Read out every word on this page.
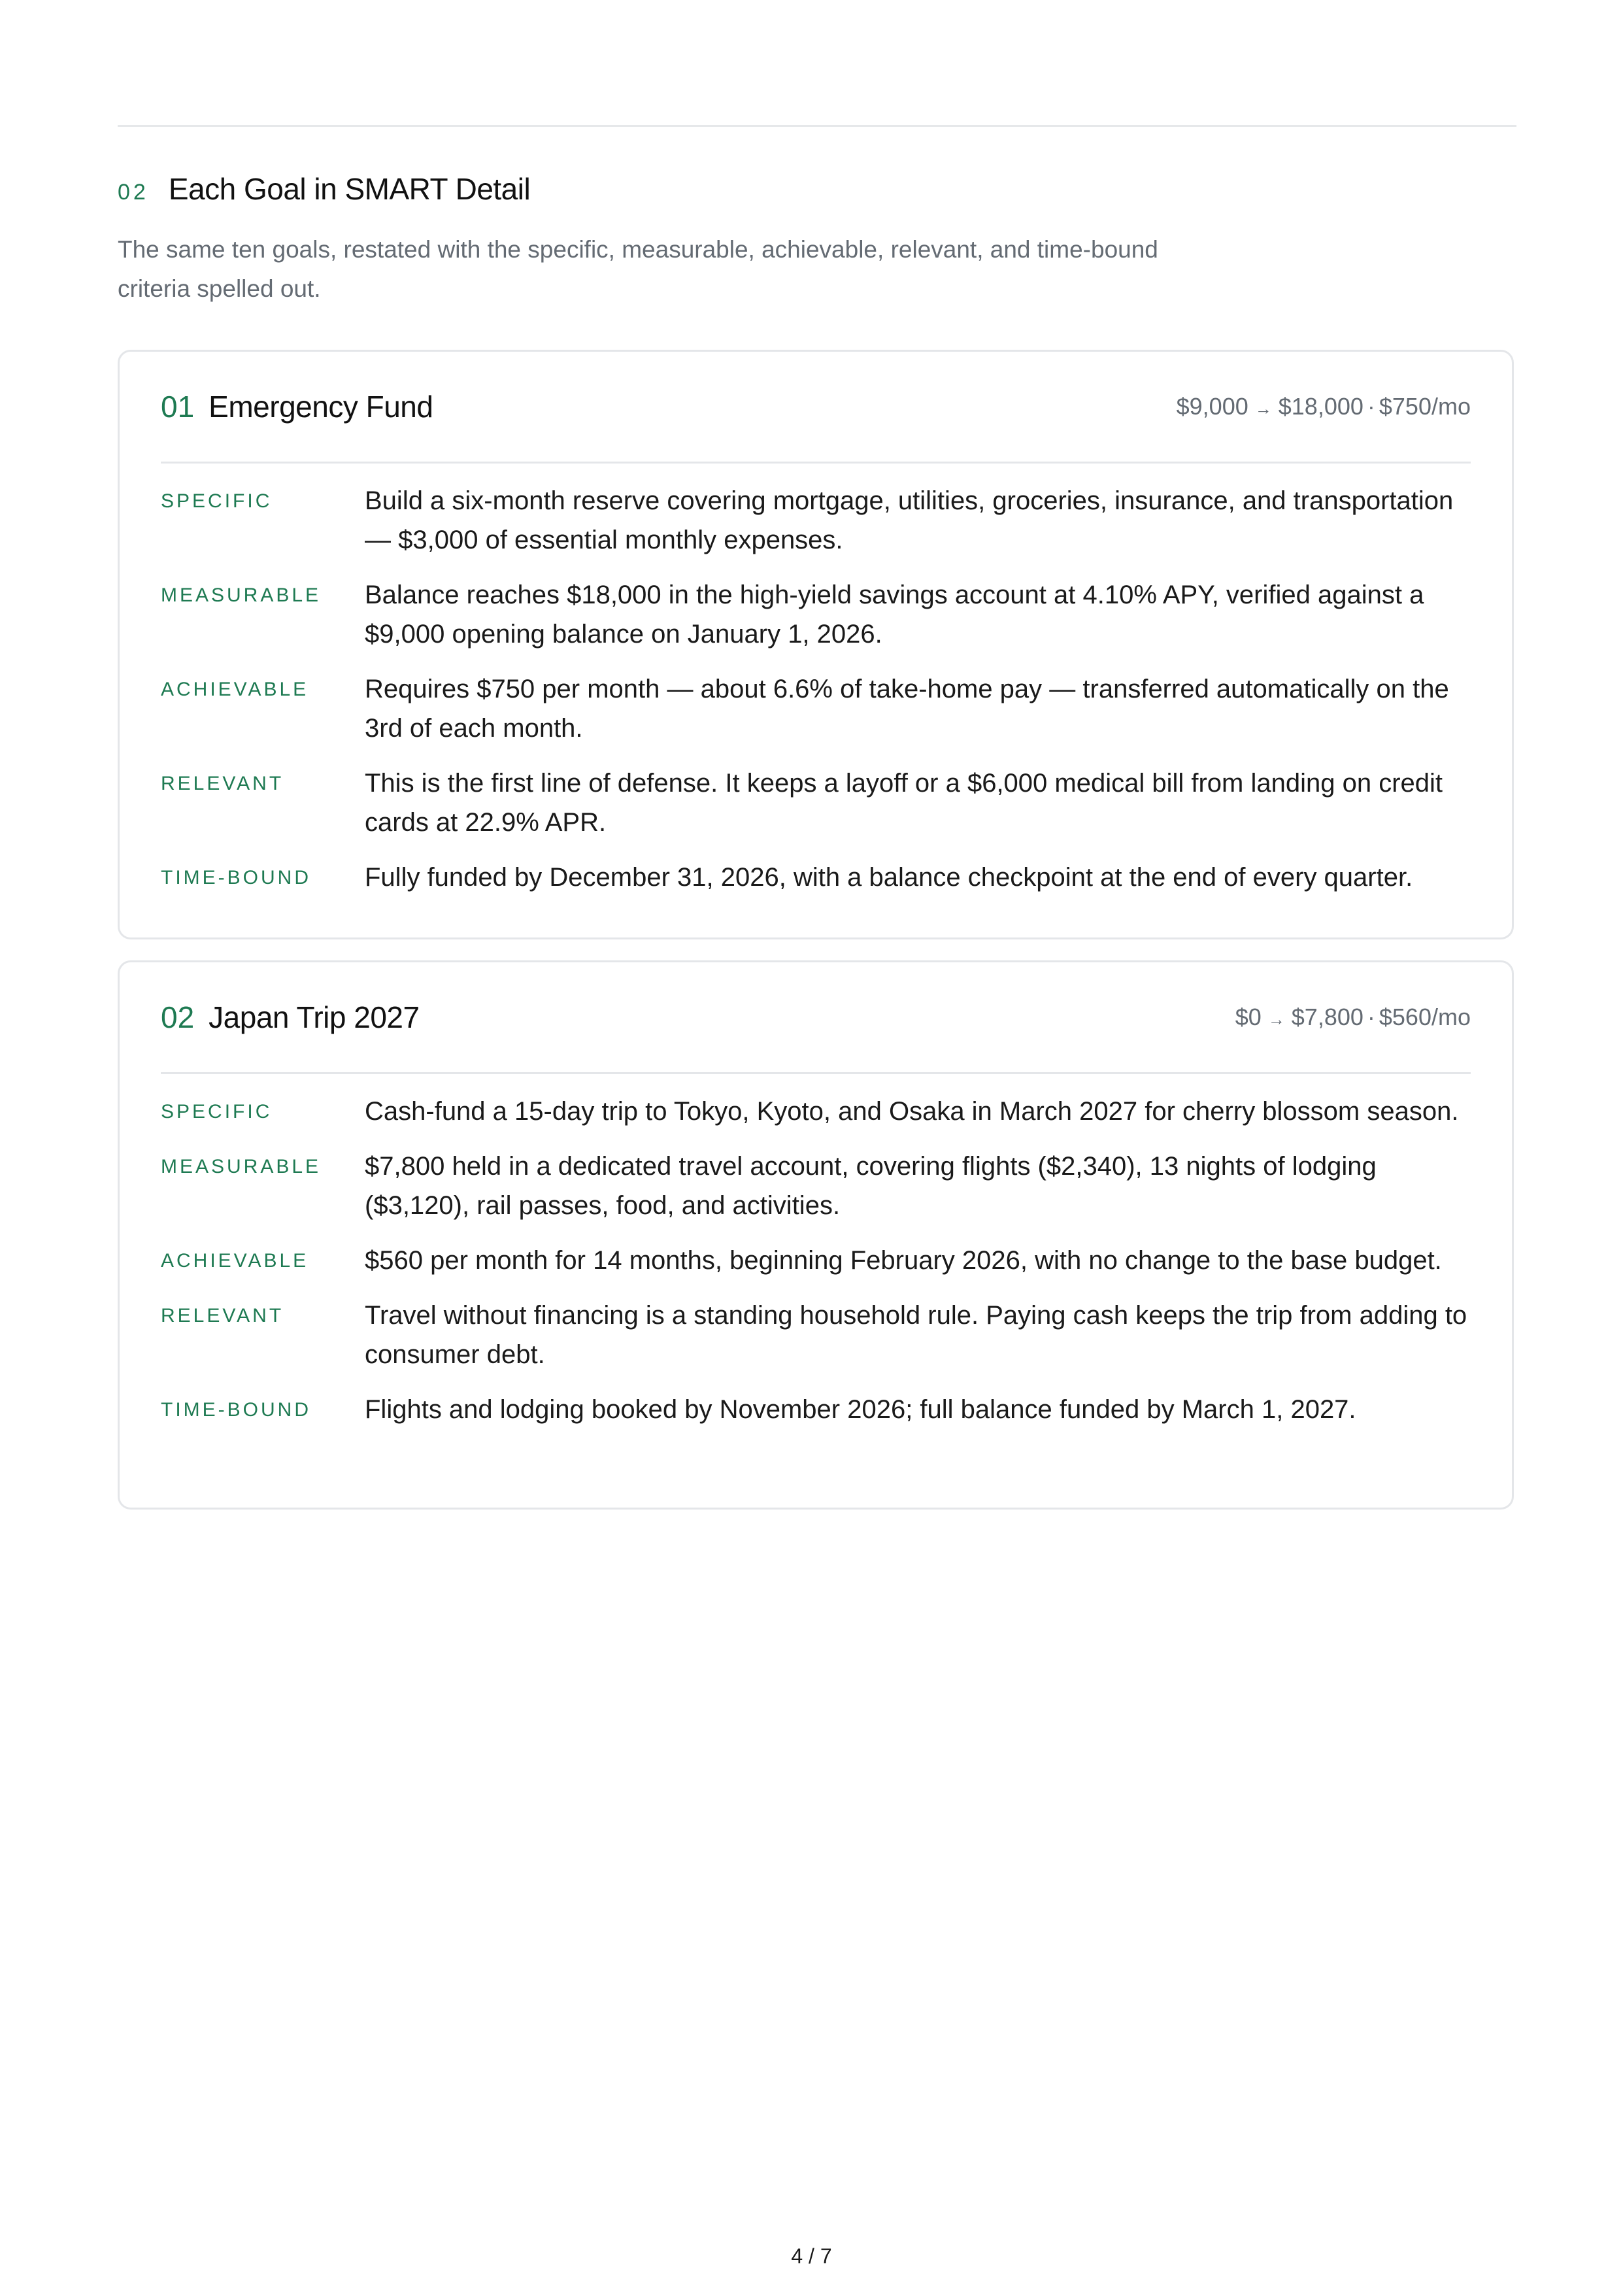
02 Each Goal in SMART Detail

The same ten goals, restated with the specific, measurable, achievable, relevant, and time-bound criteria spelled out.

01 Emergency Fund	$9,000 → $18,000 · $750/mo
SPECIFIC	Build a six-month reserve covering mortgage, utilities, groceries, insurance, and transportation — $3,000 of essential monthly expenses.

MEASURABLE	Balance reaches $18,000 in the high-yield savings account at 4.10% APY, verified against a $9,000 opening balance on January 1, 2026.

ACHIEVABLE	Requires $750 per month — about 6.6% of take-home pay — transferred automatically on the 3rd of each month.

RELEVANT	This is the first line of defense. It keeps a layoff or a $6,000 medical bill from landing on credit cards at 22.9% APR.

TIME-BOUND	Fully funded by December 31, 2026, with a balance checkpoint at the end of every quarter.

02 Japan Trip 2027	$0 → $7,800 · $560/mo
SPECIFIC	Cash-fund a 15-day trip to Tokyo, Kyoto, and Osaka in March 2027 for cherry blossom season.

MEASURABLE	$7,800 held in a dedicated travel account, covering flights ($2,340), 13 nights of lodging ($3,120), rail passes, food, and activities.

ACHIEVABLE	$560 per month for 14 months, beginning February 2026, with no change to the base budget.

RELEVANT	Travel without financing is a standing household rule. Paying cash keeps the trip from adding to consumer debt.

TIME-BOUND	Flights and lodging booked by November 2026; full balance funded by March 1, 2027.

4 / 7
